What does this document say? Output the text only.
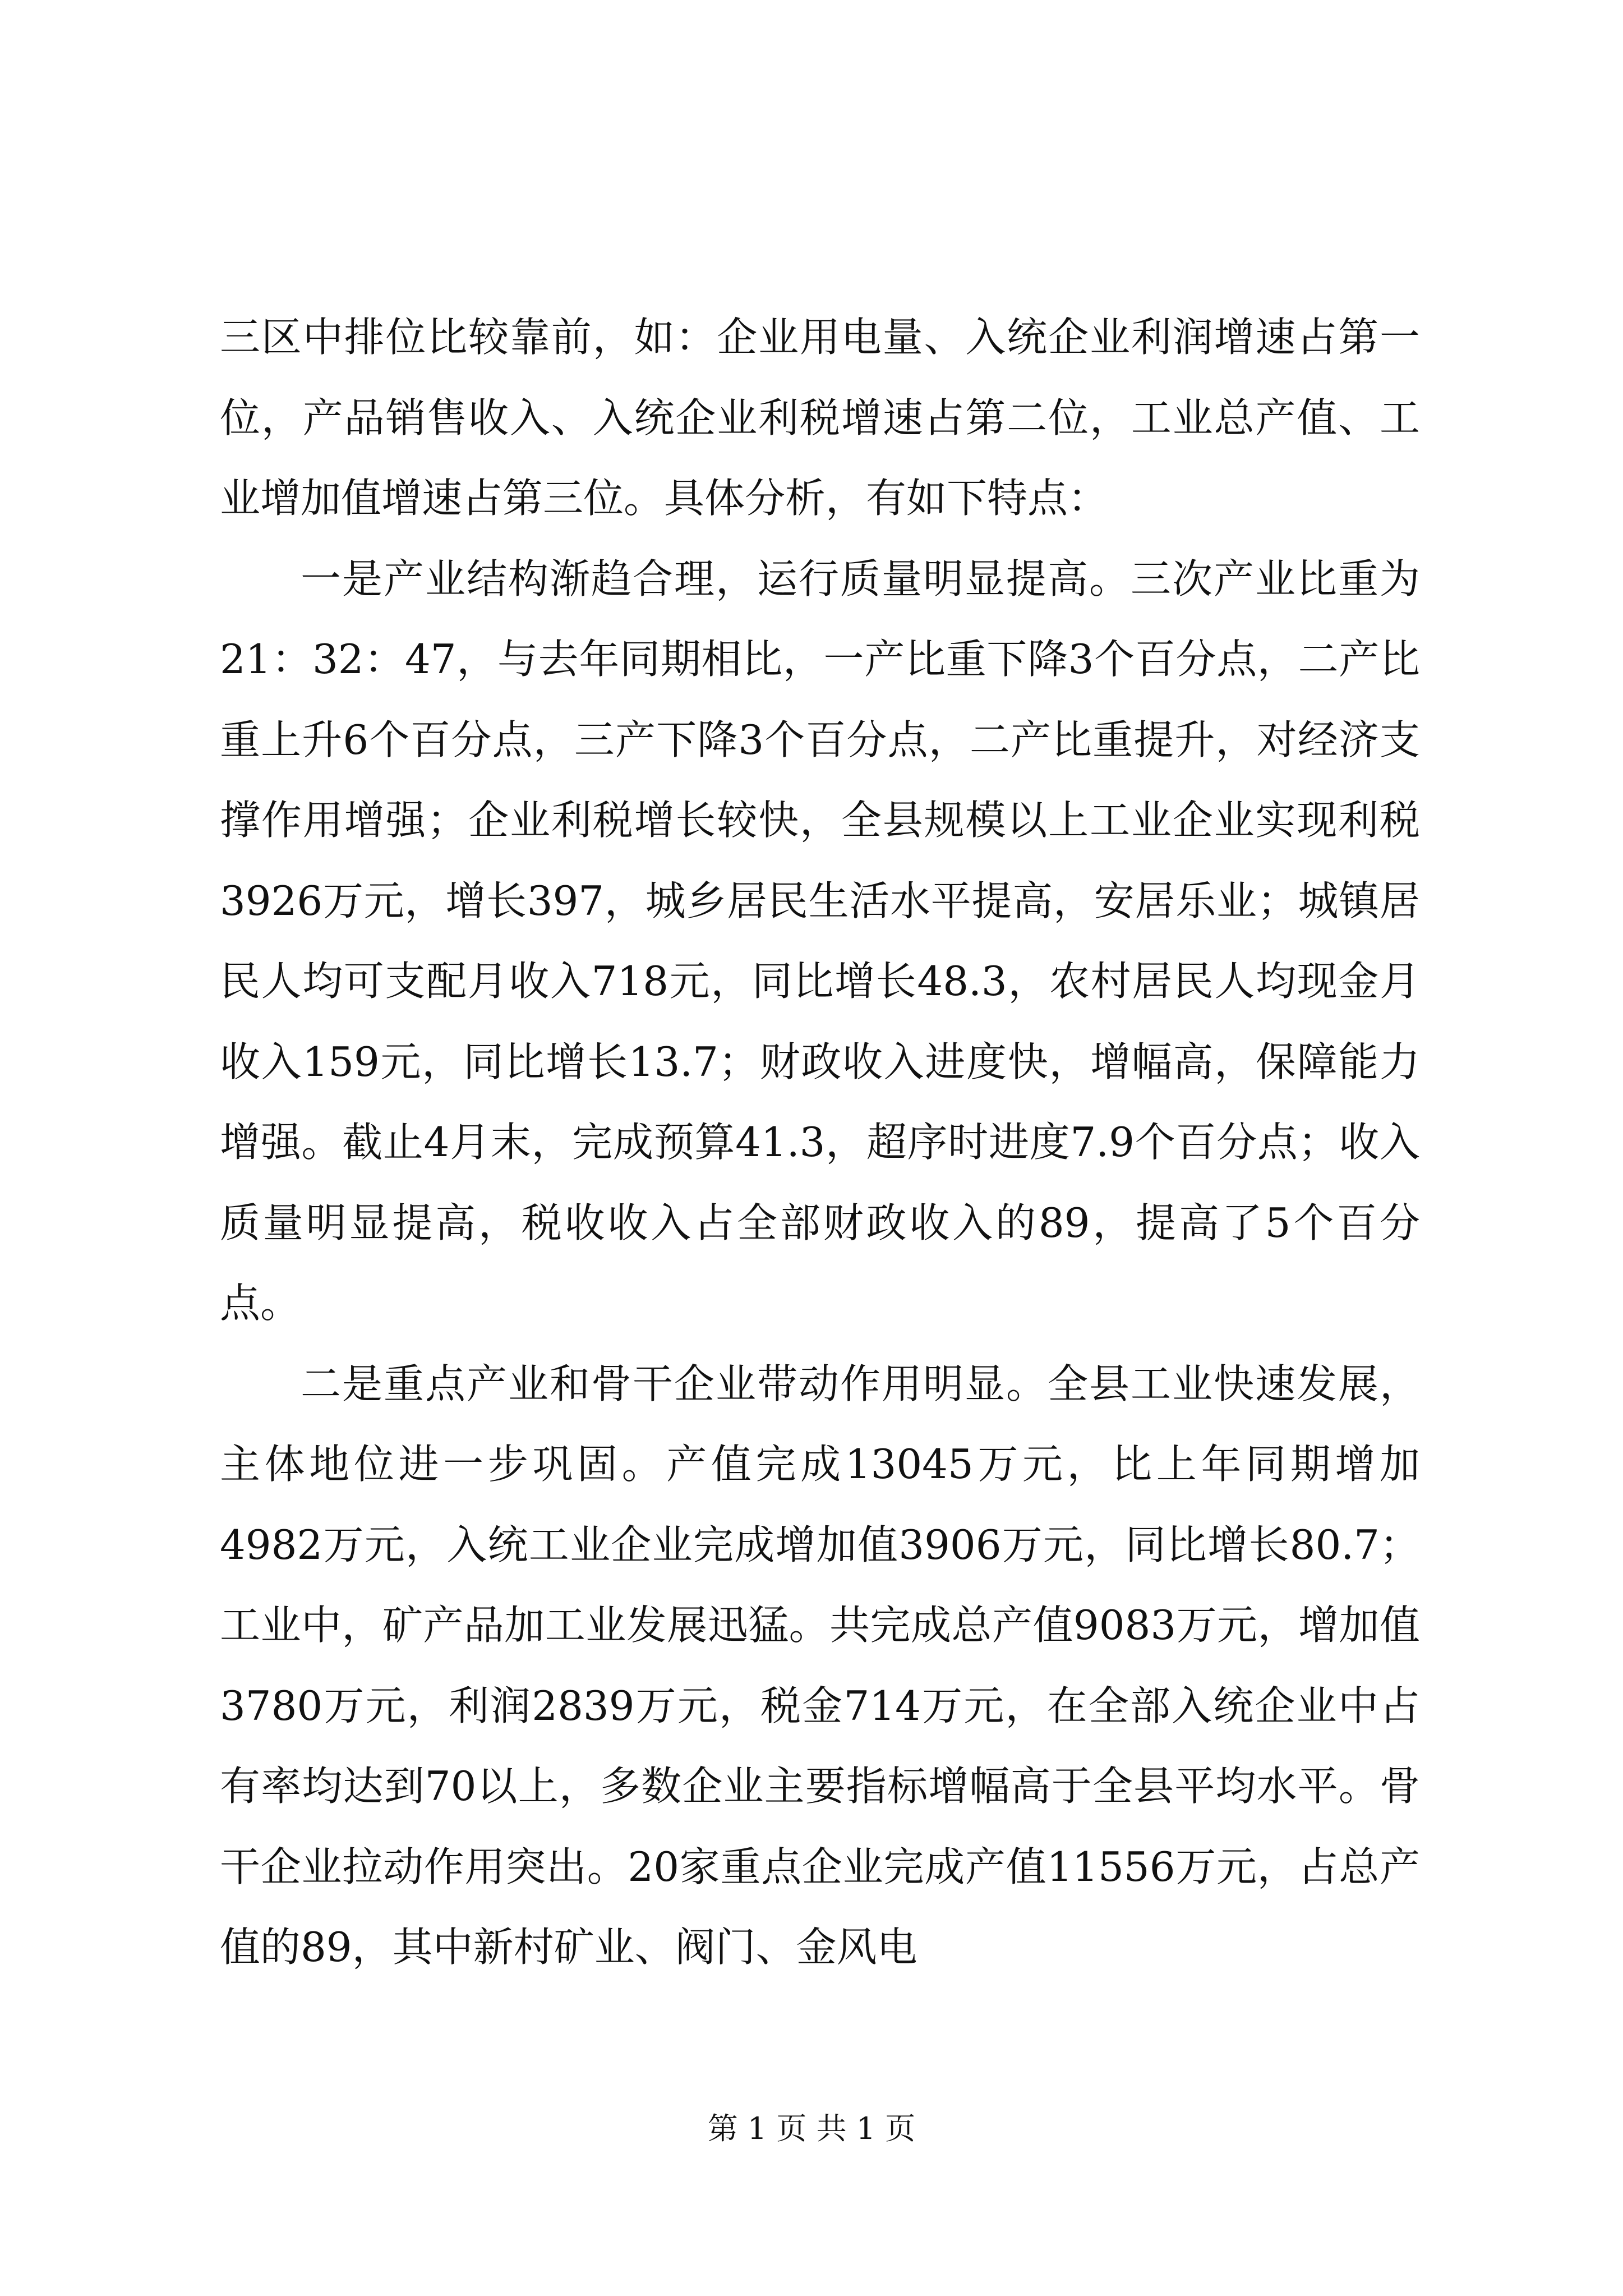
三区中排位比较靠前，如：企业用电量、入统企业利润增速占第一位，产品销售收入、入统企业利税增速占第二位，工业总产值、工业增加值增速占第三位。具体分析，有如下特点：

一是产业结构渐趋合理，运行质量明显提高。三次产业比重为21：32：47，与去年同期相比，一产比重下降3个百分点，二产比重上升6个百分点，三产下降3个百分点，二产比重提升，对经济支撑作用增强；企业利税增长较快，全县规模以上工业企业实现利税3926万元，增长397，城乡居民生活水平提高，安居乐业；城镇居民人均可支配月收入718元，同比增长48.3，农村居民人均现金月收入159元，同比增长13.7；财政收入进度快，增幅高，保障能力增强。截止4月末，完成预算41.3，超序时进度7.9个百分点；收入质量明显提高，税收收入占全部财政收入的89，提高了5个百分点。

二是重点产业和骨干企业带动作用明显。全县工业快速发展，主体地位进一步巩固。产值完成13045万元，比上年同期增加4982万元，入统工业企业完成增加值3906万元，同比增长80.7；工业中，矿产品加工业发展迅猛。共完成总产值9083万元，增加值3780万元，利润2839万元，税金714万元，在全部入统企业中占有率均达到70以上，多数企业主要指标增幅高于全县平均水平。骨干企业拉动作用突出。20家重点企业完成产值11556万元，占总产值的89，其中新村矿业、阀门、金风电

第 1 页 共 1 页
